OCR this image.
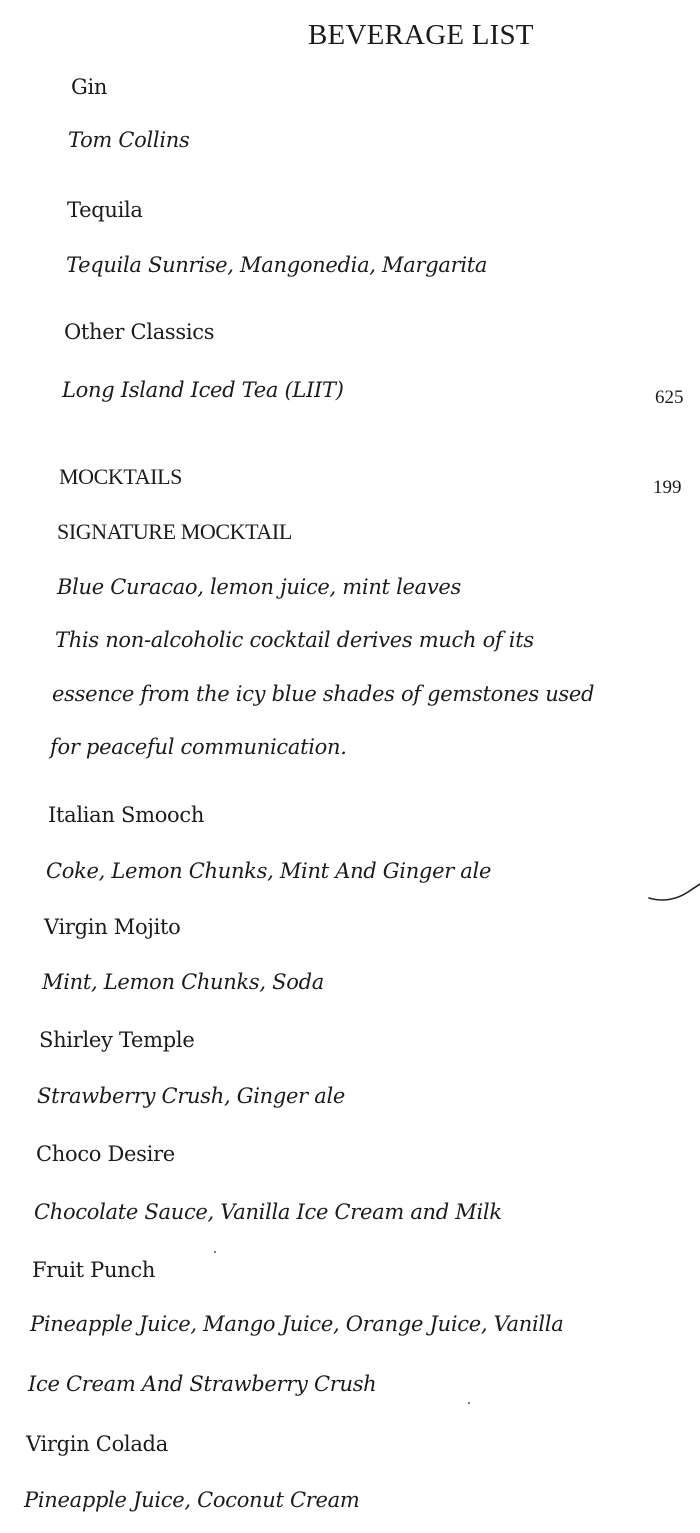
BEVERAGE LIST
Gin
Tom Collins
Tequila
Tequila Sunrise, Mangonedia, Margarita
Other Classics
Long Island Iced Tea (LIIT)	625
MOCKTAILS	199
SIGNATURE MOCKTAIL
Blue Curacao, lemon juice, mint leaves
This non-alcoholic cocktail derives much of its
essence from the icy blue shades of gemstones used
for peaceful communication.
Italian Smooch
Coke, Lemon Chunks, Mint And Ginger ale
Virgin Mojito
Mint, Lemon Chunks, Soda
Shirley Temple
Strawberry Crush, Ginger ale
Choco Desire
Chocolate Sauce, Vanilla Ice Cream and Milk
Fruit Punch
Pineapple Juice, Mango Juice, Orange Juice, Vanilla
Ice Cream And Strawberry Crush
Virgin Colada
Pineapple Juice, Coconut Cream
